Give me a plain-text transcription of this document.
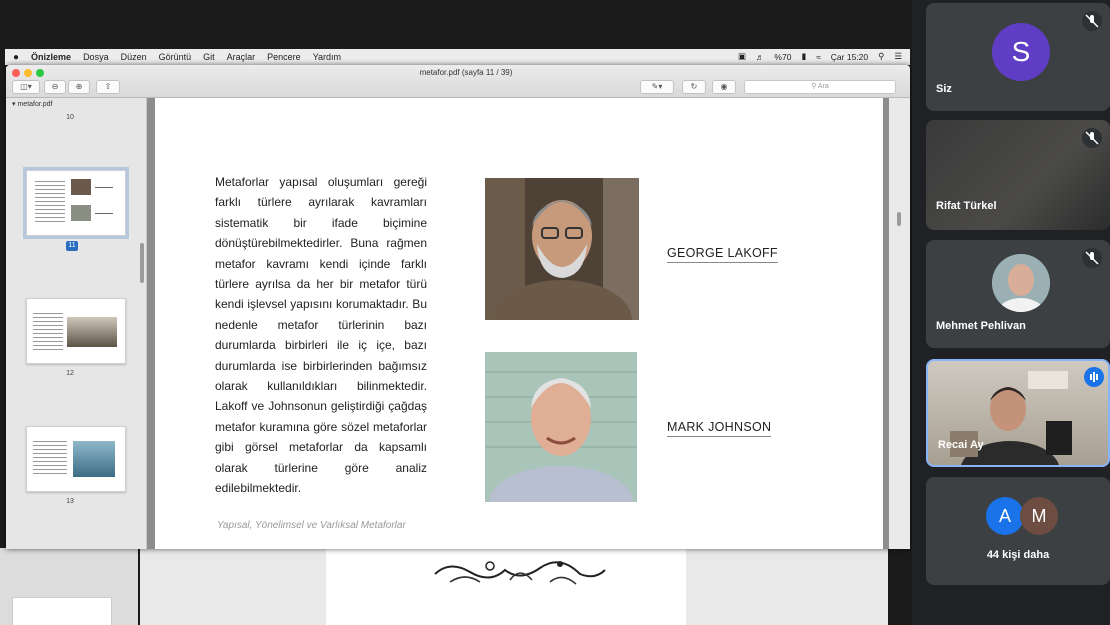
● Önizleme Dosya Düzen Görüntü Git Araçlar Pencere Yardım	▣ ♬ %70 ▮ ≈ Çar 15:20 ⚲ ☰
metafor.pdf (sayfa 11 / 39)
◫▾	⊖	⊕	⇧	✎▾	↻	◉	⚲ Ara
▾ metafor.pdf
10
11
12
13
Metaforlar yapısal oluşumları gereği farklı türlere ayrılarak kavramları sistematik bir ifade biçimine dönüştürebilmektedirler. Buna rağmen metafor kavramı kendi içinde farklı türlere ayrılsa da her bir metafor türü kendi işlevsel yapısını korumaktadır. Bu nedenle metafor türlerinin bazı durumlarda birbirleri ile iç içe, bazı durumlarda ise birbirlerinden bağımsız olarak kullanıldıkları bilinmektedir. Lakoff ve Johnsonun geliştirdiği çağdaş metafor kuramına göre sözel metaforlar gibi görsel metaforlar da kapsamlı olarak türlerine göre analiz edilebilmektedir.
Yapısal, Yönelimsel ve Varlıksal Metaforlar
GEORGE LAKOFF
MARK JOHNSON
S
Siz
Rifat Türkel
Mehmet Pehlivan
Recai Ay
A	M
44 kişi daha
